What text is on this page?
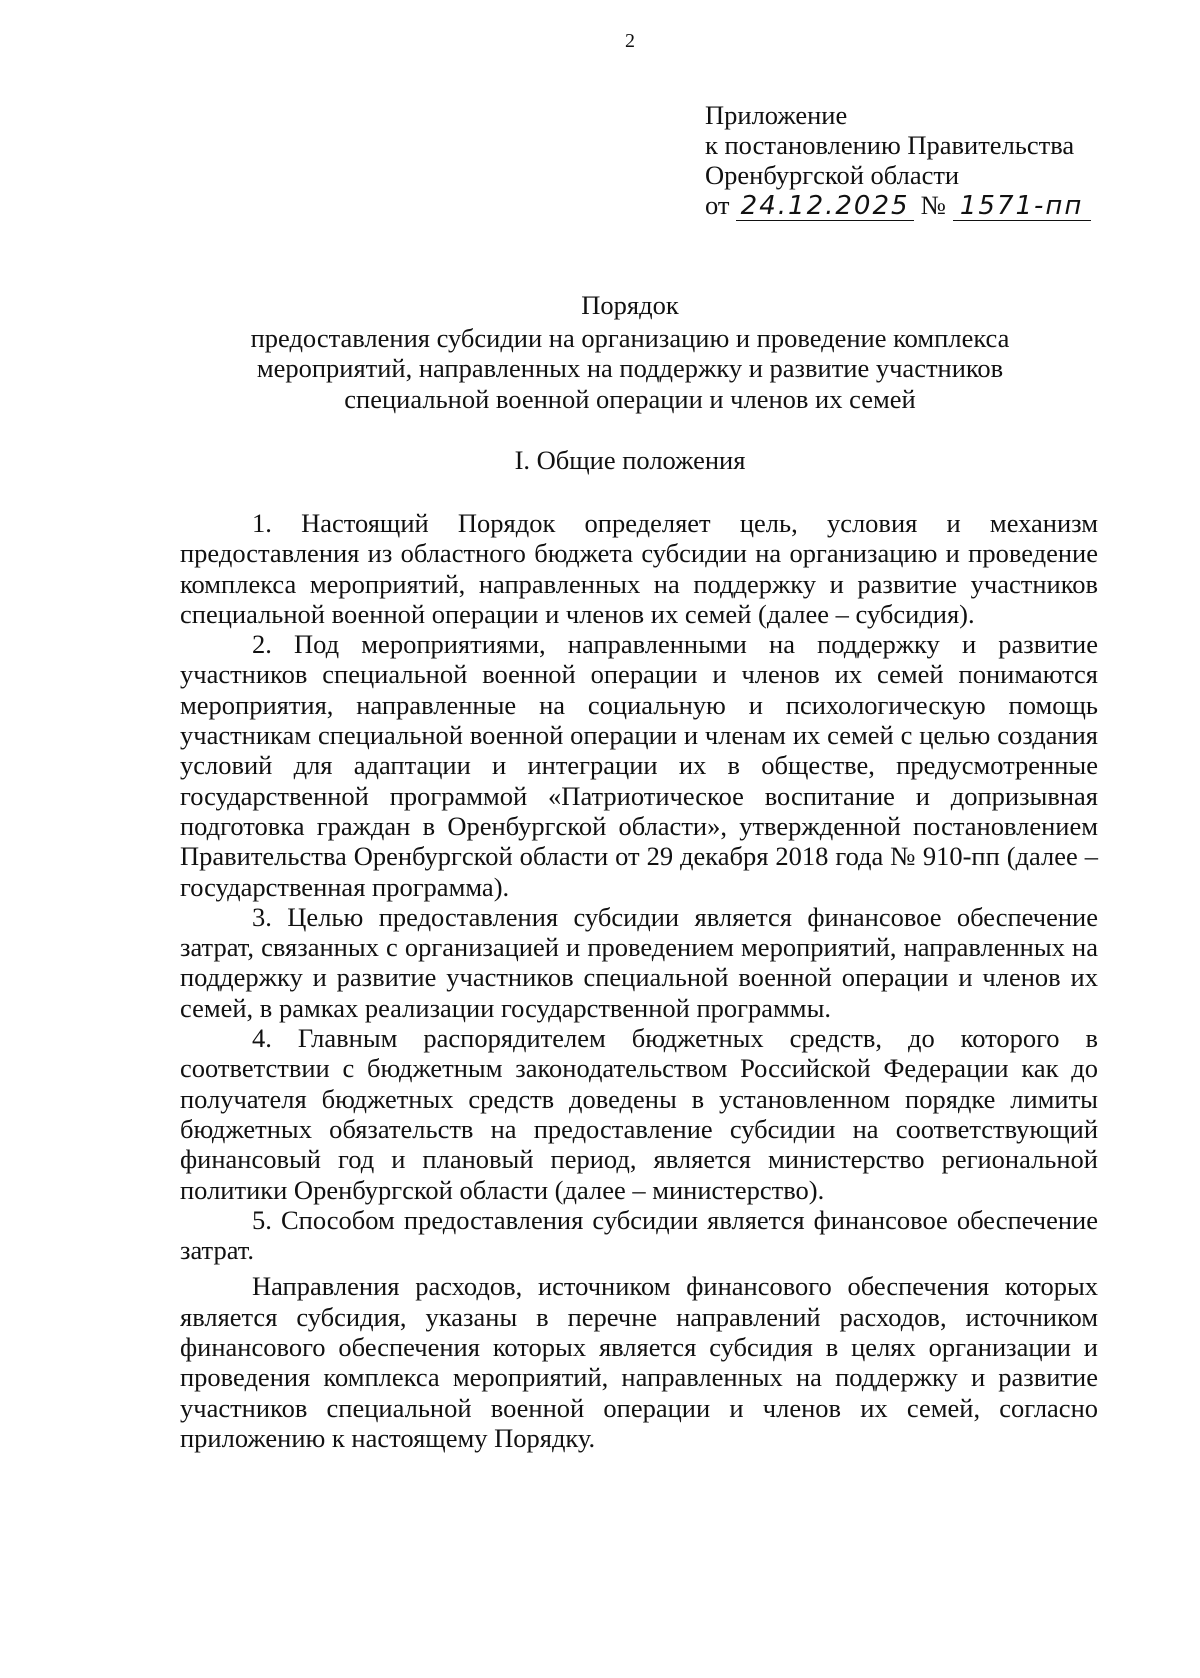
2
Приложение
к постановлению Правительства
Оренбургской области
от 24.12.2025 № 1571-пп
Порядок
предоставления субсидии на организацию и проведение комплекса
мероприятий, направленных на поддержку и развитие участников
специальной военной операции и членов их семей
I. Общие положения

1. Настоящий Порядок определяет цель, условия и механизм предоставления из областного бюджета субсидии на организацию и проведение комплекса мероприятий, направленных на поддержку и развитие участников специальной военной операции и членов их семей (далее – субсидия).

2. Под мероприятиями, направленными на поддержку и развитие участников специальной военной операции и членов их семей понимаются мероприятия, направленные на социальную и психологическую помощь участникам специальной военной операции и членам их семей с целью создания условий для адаптации и интеграции их в обществе, предусмотренные государственной программой «Патриотическое воспитание и допризывная подготовка граждан в Оренбургской области», утвержденной постановлением Правительства Оренбургской области от 29 декабря 2018 года № 910-пп (далее – государственная программа).

3. Целью предоставления субсидии является финансовое обеспечение затрат, связанных с организацией и проведением мероприятий, направленных на поддержку и развитие участников специальной военной операции и членов их семей, в рамках реализации государственной программы.

4. Главным распорядителем бюджетных средств, до которого в соответствии с бюджетным законодательством Российской Федерации как до получателя бюджетных средств доведены в установленном порядке лимиты бюджетных обязательств на предоставление субсидии на соответствующий финансовый год и плановый период, является министерство региональной политики Оренбургской области (далее – министерство).

5. Способом предоставления субсидии является финансовое обеспечение затрат.

Направления расходов, источником финансового обеспечения которых является субсидия, указаны в перечне направлений расходов, источником финансового обеспечения которых является субсидия в целях организации и проведения комплекса мероприятий, направленных на поддержку и развитие участников специальной военной операции и членов их семей, согласно приложению к настоящему Порядку.
